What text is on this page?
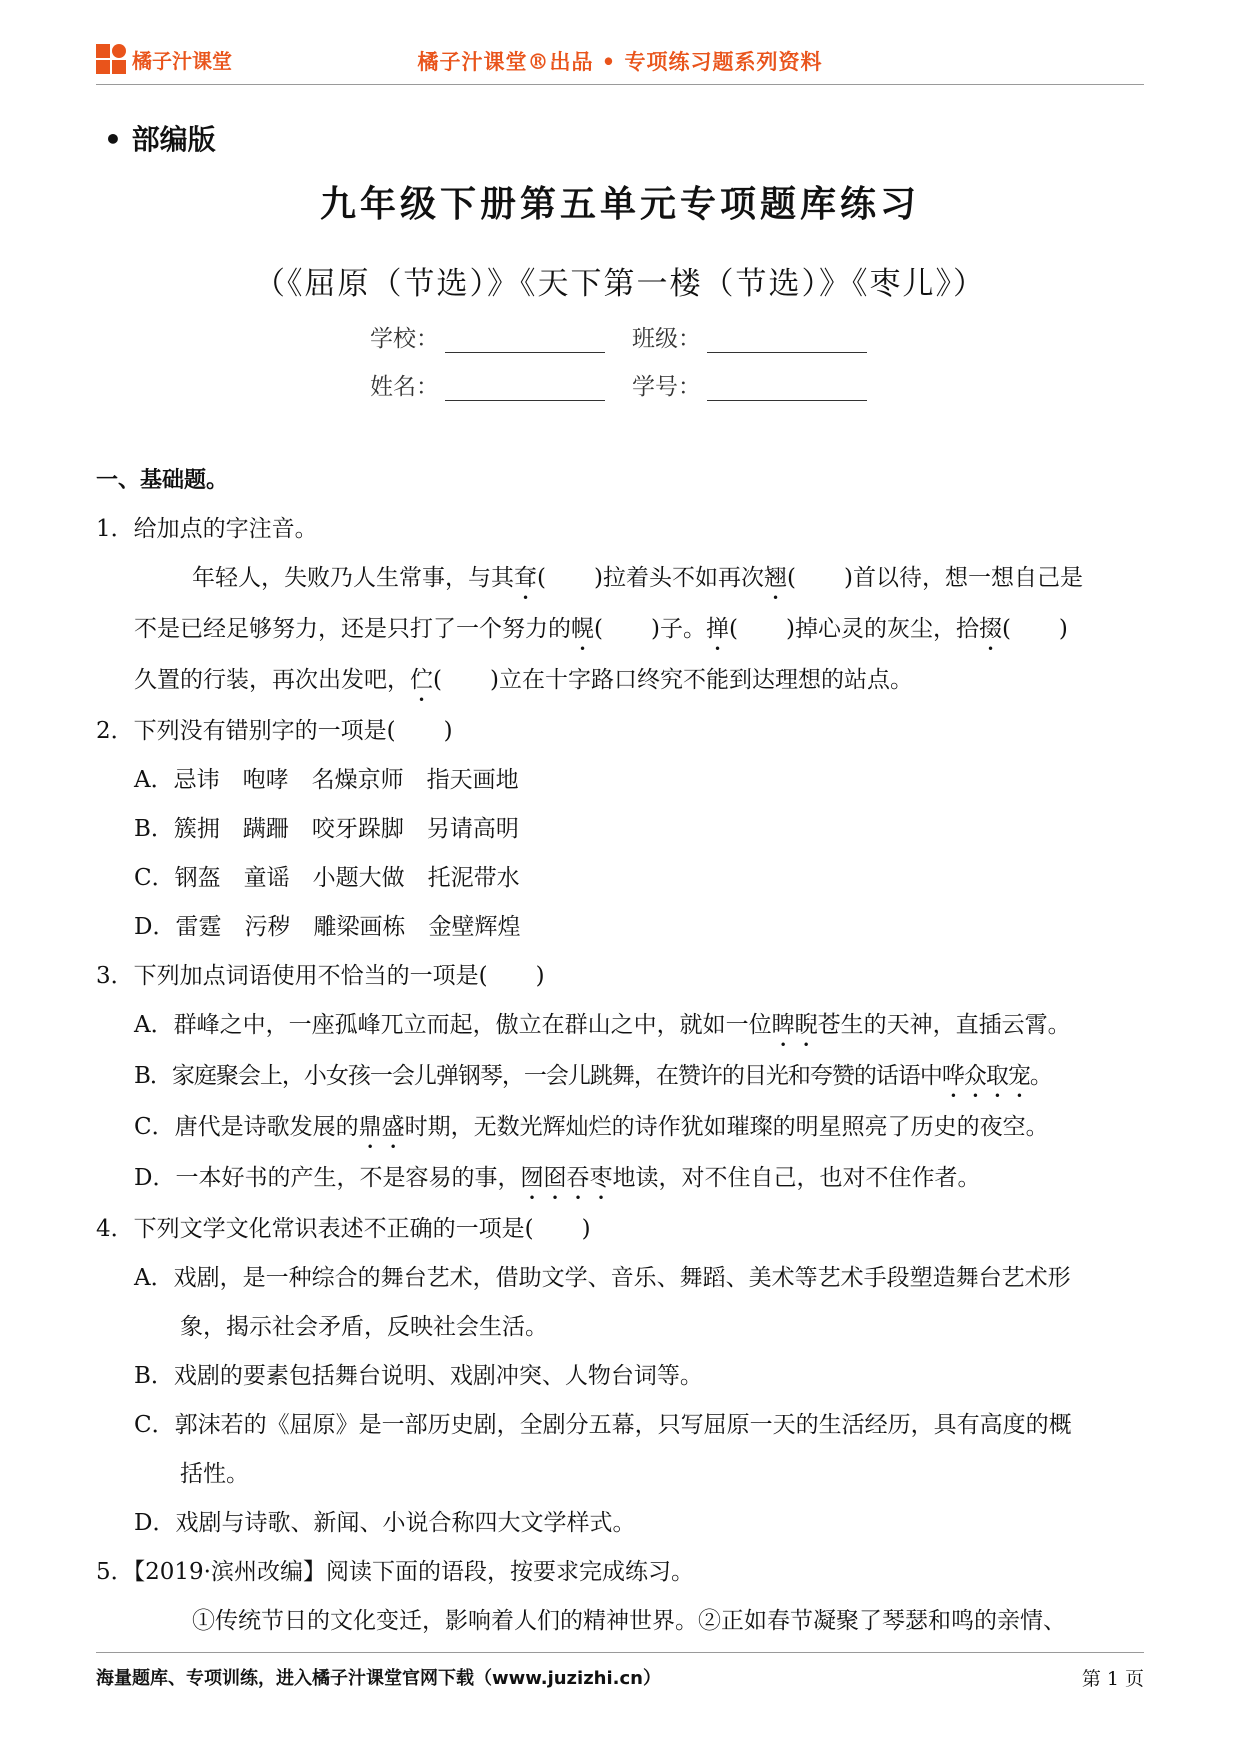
橘子汁课堂	橘子汁课堂®出品 • 专项练习题系列资料
• 部编版
九年级下册第五单元专项题库练习
（《屈原（节选）》《天下第一楼（节选）》《枣儿》）
学校：	班级：
姓名：	学号：
一、基础题。
1．给加点的字注音。
年轻人，失败乃人生常事，与其耷( )拉着头不如再次翘( )首以待，想一想自己是
不是已经足够努力，还是只打了一个努力的幌( )子。掸( )掉心灵的灰尘，拾掇( )
久置的行装，再次出发吧，伫( )立在十字路口终究不能到达理想的站点。
2．下列没有错别字的一项是( )
A．忌讳　咆哮　名燥京师　指天画地
B．簇拥　蹒跚　咬牙跺脚　另请高明
C．钢盔　童谣　小题大做　托泥带水
D．雷霆　污秽　雕梁画栋　金壁辉煌
3．下列加点词语使用不恰当的一项是( )
A．群峰之中，一座孤峰兀立而起，傲立在群山之中，就如一位睥睨苍生的天神，直插云霄。
B．家庭聚会上，小女孩一会儿弹钢琴，一会儿跳舞，在赞许的目光和夸赞的话语中哗众取宠。
C．唐代是诗歌发展的鼎盛时期，无数光辉灿烂的诗作犹如璀璨的明星照亮了历史的夜空。
D．一本好书的产生，不是容易的事，囫囵吞枣地读，对不住自己，也对不住作者。
4．下列文学文化常识表述不正确的一项是( )
A．戏剧，是一种综合的舞台艺术，借助文学、音乐、舞蹈、美术等艺术手段塑造舞台艺术形
象，揭示社会矛盾，反映社会生活。
B．戏剧的要素包括舞台说明、戏剧冲突、人物台词等。
C．郭沫若的《屈原》是一部历史剧，全剧分五幕，只写屈原一天的生活经历，具有高度的概
括性。
D．戏剧与诗歌、新闻、小说合称四大文学样式。
5．【2019·滨州改编】阅读下面的语段，按要求完成练习。
①传统节日的文化变迁，影响着人们的精神世界。②正如春节凝聚了琴瑟和鸣的亲情、
海量题库、专项训练，进入橘子汁课堂官网下载（www.juzizhi.cn）	第 1 页
